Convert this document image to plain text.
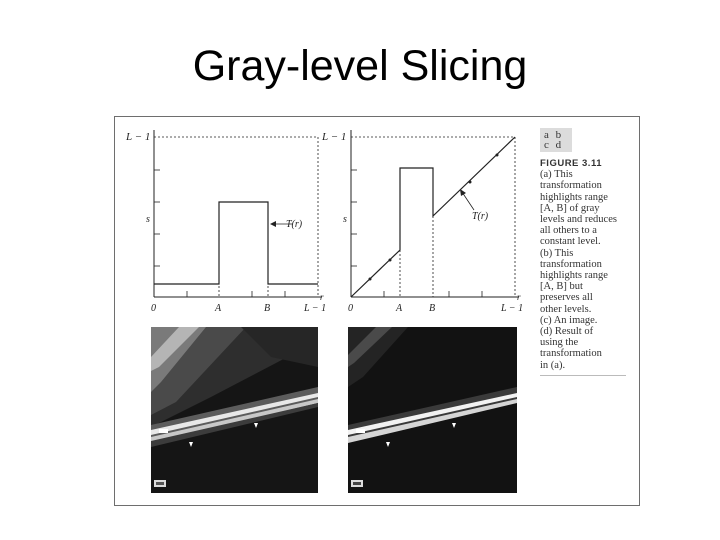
Gray-level Slicing
L − 1
T(r)
s
r
0	A	B	L − 1
L − 1
T(r)
s
r
0	A	B	L − 1
a b
c d
FIGURE 3.11
(a) This
transformation
highlights range
[A, B] of gray
levels and reduces
all others to a
constant level.
(b) This
transformation
highlights range
[A, B] but
preserves all
other levels.
(c) An image.
(d) Result of
using the
transformation
in (a).
